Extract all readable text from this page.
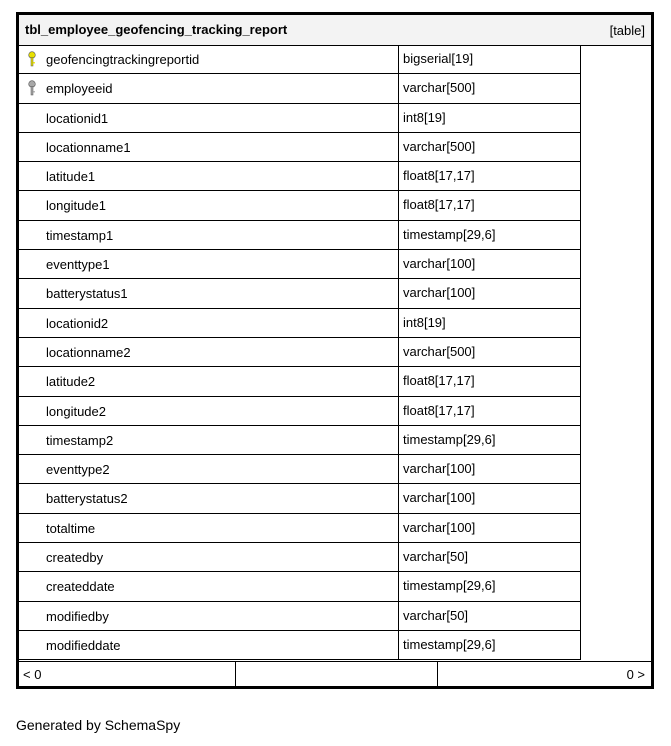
tbl_employee_geofencing_tracking_report	[table]
geofencingtrackingreportid	bigserial[19]
employeeid	varchar[500]
locationid1	int8[19]
locationname1	varchar[500]
latitude1	float8[17,17]
longitude1	float8[17,17]
timestamp1	timestamp[29,6]
eventtype1	varchar[100]
batterystatus1	varchar[100]
locationid2	int8[19]
locationname2	varchar[500]
latitude2	float8[17,17]
longitude2	float8[17,17]
timestamp2	timestamp[29,6]
eventtype2	varchar[100]
batterystatus2	varchar[100]
totaltime	varchar[100]
createdby	varchar[50]
createddate	timestamp[29,6]
modifiedby	varchar[50]
modifieddate	timestamp[29,6]
< 0	0 >
Generated by SchemaSpy
